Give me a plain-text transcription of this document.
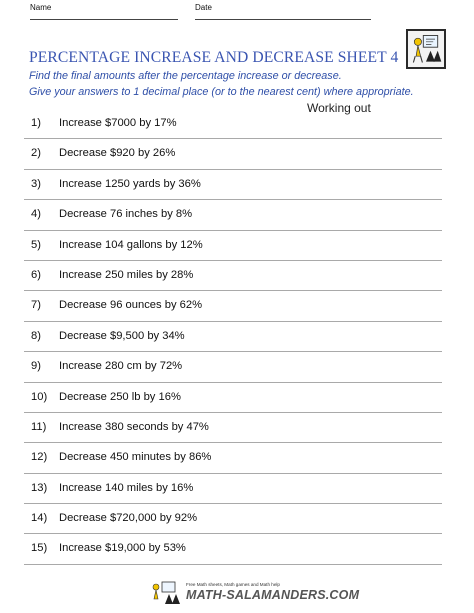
Name	Date
PERCENTAGE INCREASE AND DECREASE SHEET 4
Find the final amounts after the percentage increase or decrease.
Give your answers to 1 decimal place (or to the nearest cent) where appropriate.
Working out
1) Increase $7000 by 17%
2) Decrease $920 by 26%
3) Increase 1250 yards by 36%
4) Decrease 76 inches by 8%
5) Increase 104 gallons by 12%
6) Increase 250 miles by 28%
7) Decrease 96 ounces by 62%
8) Decrease $9,500 by 34%
9) Increase 280 cm by 72%
10) Decrease 250 lb by 16%
11) Increase 380 seconds by 47%
12) Decrease 450 minutes by 86%
13) Increase 140 miles by 16%
14) Decrease $720,000 by 92%
15) Increase $19,000 by 53%
Free Math sheets, Math games and Math help
MATH-SALAMANDERS.COM
